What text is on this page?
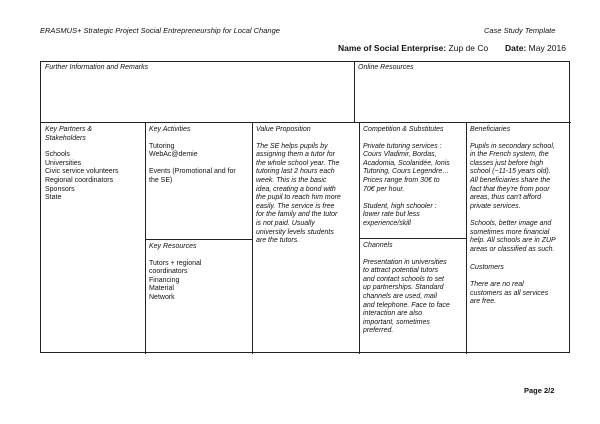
ERASMUS+ Strategic Project Social Entrepreneurship for Local Change	Case Study Template
Name of Social Enterprise: Zup de Co Date: May 2016
Further Information and Remarks	Online Resources

Key Partners &

Stakeholders

Schools

Universities

Civic service volunteers

Regional coordinators

Sponsors

State

Key Activities

Tutoring

WebAc@demie

Events (Promotional and for

the SE)

Key Resources

Tutors + regional

coordinators

Financing

Material

Network

Value Proposition

The SE helps pupils by

assigning them a tutor for

the whole school year. The

tutoring last 2 hours each

week. This is the basic

idea, creating a bond with

the pupil to reach him more

easily. The service is free

for the family and the tutor

is not paid. Usually

university levels students

are the tutors.

Competition & Substitutes

Private tutoring services :

Cours Vladimir, Bordas,

Acadomia, Scolaridée, Ionis

Tutoring, Cours Legendre…

Prices range from 30€ to

70€ per hour.

Student, high schooler :

lower rate but less

experience/skill

Channels

Presentation in universities

to attract potential tutors

and contact schools to set

up partnerships. Standard

channels are used, mail

and telephone. Face to face

interaction are also

important, sometimes

preferred.

Beneficiaries

Pupils in secondary school,

in the French system, the

classes just before high

school (~11-15 years old).

All beneficiaries share the

fact that they're from poor

areas, thus can't afford

private services.

Schools, better image and

sometimes more financial

help. All schools are in ZUP

areas or classified as such.

Customers

There are no real

customers as all services

are free.

Page 2/2
